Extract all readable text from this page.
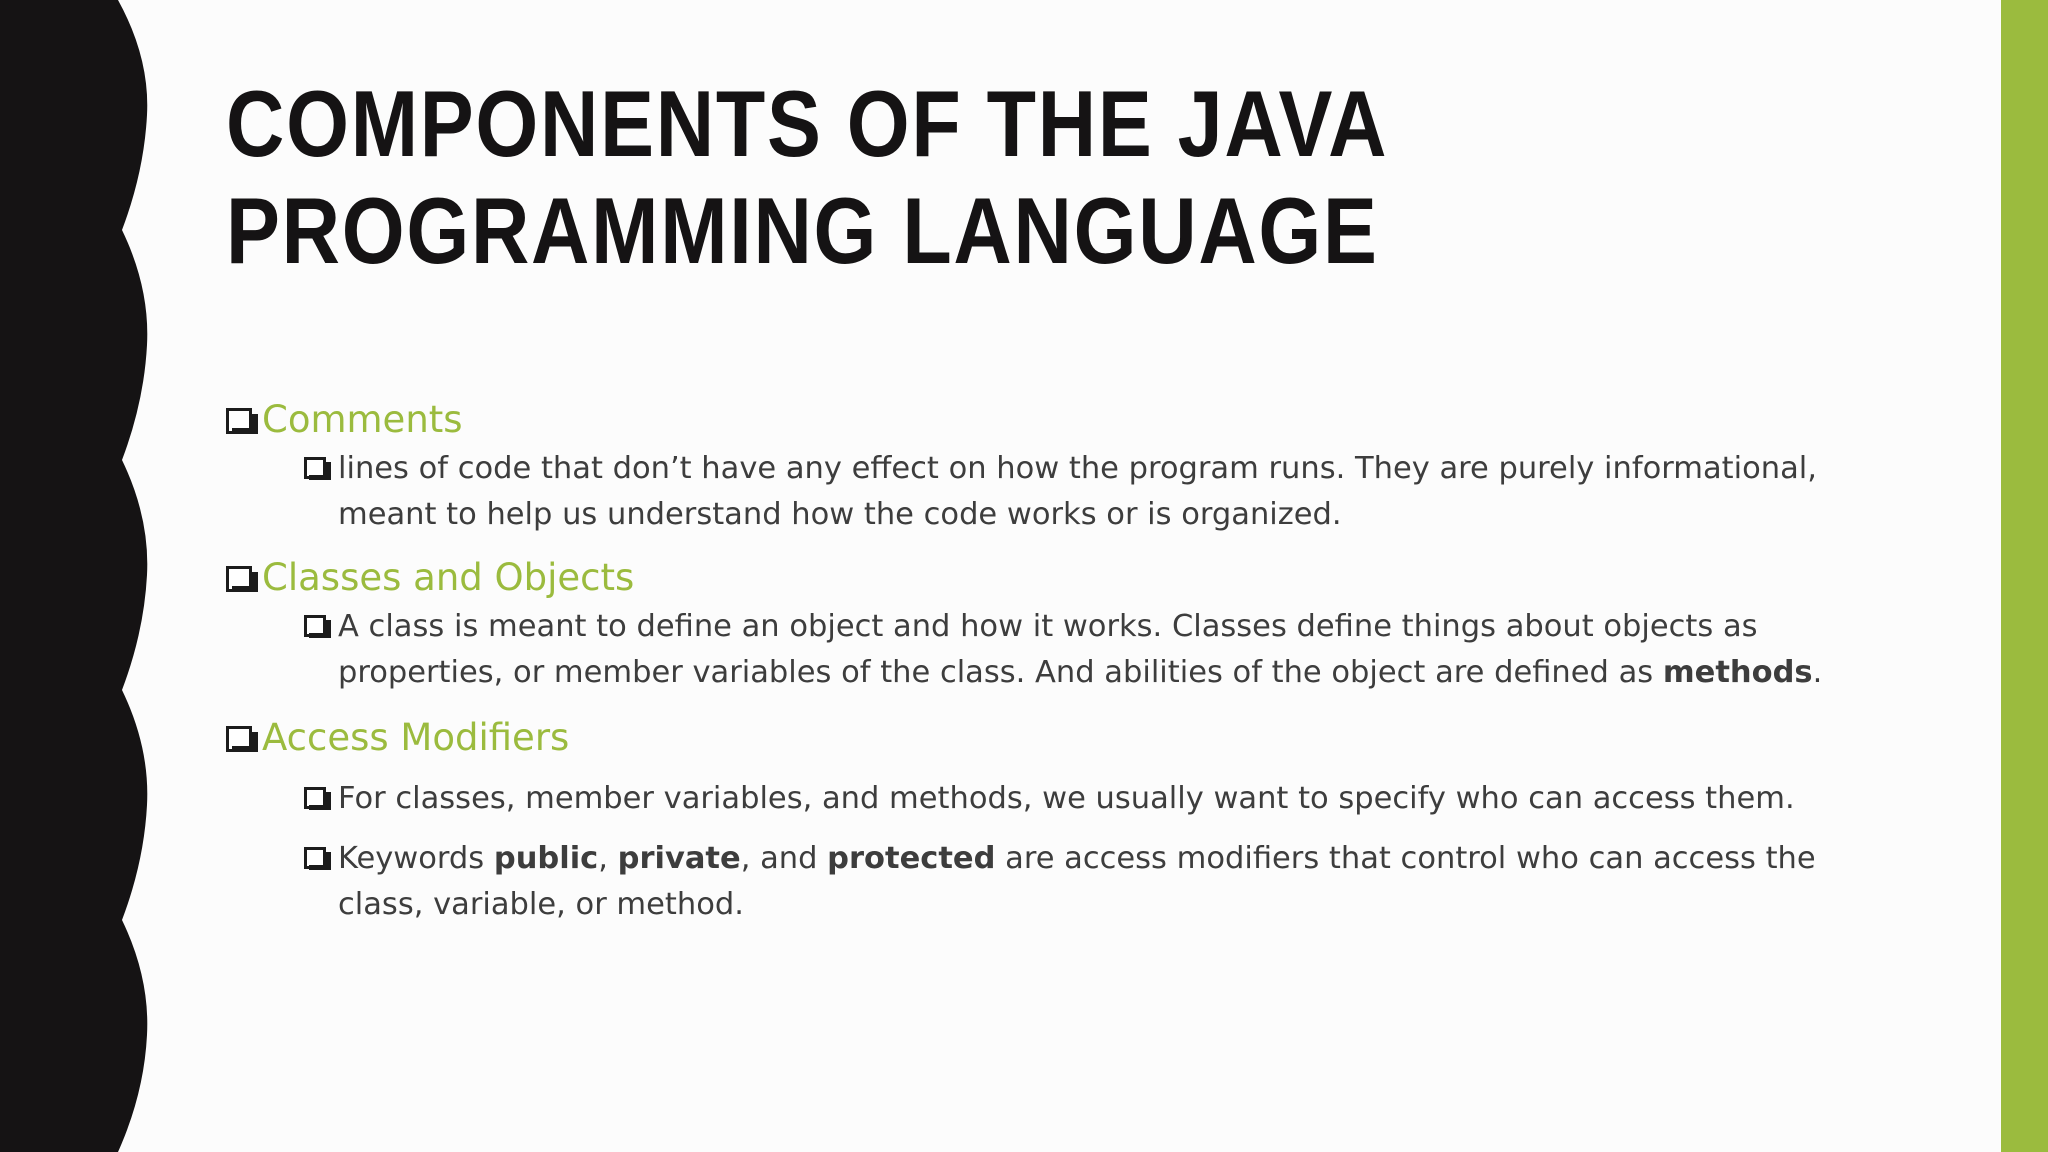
COMPONENTS OF THE JAVA
PROGRAMMING LANGUAGE
Comments
lines of code that don’t have any effect on how the program runs. They are purely informational, meant to help us understand how the code works or is organized.
Classes and Objects
A class is meant to define an object and how it works. Classes define things about objects as properties, or member variables of the class. And abilities of the object are defined as methods.
Access Modifiers
For classes, member variables, and methods, we usually want to specify who can access them.
Keywords public, private, and protected are access modifiers that control who can access the class, variable, or method.
